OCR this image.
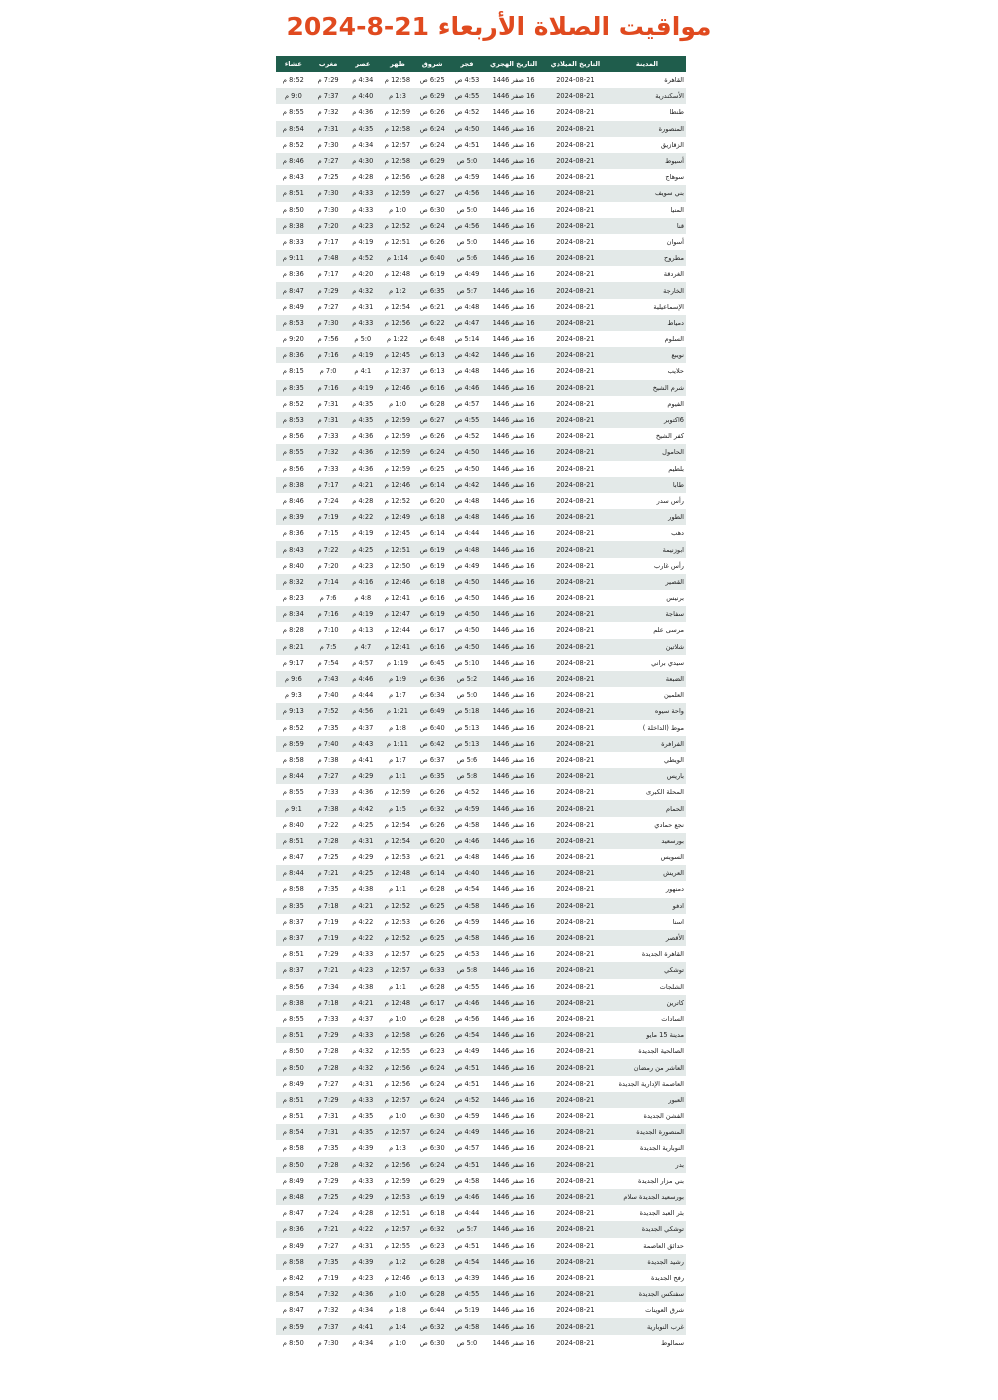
مواقيت الصلاة الأربعاء 21-8-2024
المدينة	التاريخ الميلادي	التاريخ الهجري	فجر	شروق	ظهر	عصر	مغرب	عشاء
القاهرة	2024-08-21	16 صفر 1446	4:53 ص	6:25 ص	12:58 م	4:34 م	7:29 م	8:52 م
الأسكندرية	2024-08-21	16 صفر 1446	4:55 ص	6:29 ص	1:3 م	4:40 م	7:37 م	9:0 م
طنطا	2024-08-21	16 صفر 1446	4:52 ص	6:26 ص	12:59 م	4:36 م	7:32 م	8:55 م
المنصورة	2024-08-21	16 صفر 1446	4:50 ص	6:24 ص	12:58 م	4:35 م	7:31 م	8:54 م
الزقازيق	2024-08-21	16 صفر 1446	4:51 ص	6:24 ص	12:57 م	4:34 م	7:30 م	8:52 م
أسيوط	2024-08-21	16 صفر 1446	5:0 ص	6:29 ص	12:58 م	4:30 م	7:27 م	8:46 م
سوهاج	2024-08-21	16 صفر 1446	4:59 ص	6:28 ص	12:56 م	4:28 م	7:25 م	8:43 م
بني سويف	2024-08-21	16 صفر 1446	4:56 ص	6:27 ص	12:59 م	4:33 م	7:30 م	8:51 م
المنيا	2024-08-21	16 صفر 1446	5:0 ص	6:30 ص	1:0 م	4:33 م	7:30 م	8:50 م
قنا	2024-08-21	16 صفر 1446	4:56 ص	6:24 ص	12:52 م	4:23 م	7:20 م	8:38 م
أسوان	2024-08-21	16 صفر 1446	5:0 ص	6:26 ص	12:51 م	4:19 م	7:17 م	8:33 م
مطروح	2024-08-21	16 صفر 1446	5:6 ص	6:40 ص	1:14 م	4:52 م	7:48 م	9:11 م
الغردقة	2024-08-21	16 صفر 1446	4:49 ص	6:19 ص	12:48 م	4:20 م	7:17 م	8:36 م
الخارجة	2024-08-21	16 صفر 1446	5:7 ص	6:35 ص	1:2 م	4:32 م	7:29 م	8:47 م
الإسماعيلية	2024-08-21	16 صفر 1446	4:48 ص	6:21 ص	12:54 م	4:31 م	7:27 م	8:49 م
دمياط	2024-08-21	16 صفر 1446	4:47 ص	6:22 ص	12:56 م	4:33 م	7:30 م	8:53 م
السلوم	2024-08-21	16 صفر 1446	5:14 ص	6:48 ص	1:22 م	5:0 م	7:56 م	9:20 م
نويبع	2024-08-21	16 صفر 1446	4:42 ص	6:13 ص	12:45 م	4:19 م	7:16 م	8:36 م
حلايب	2024-08-21	16 صفر 1446	4:48 ص	6:13 ص	12:37 م	4:1 م	7:0 م	8:15 م
شرم الشيخ	2024-08-21	16 صفر 1446	4:46 ص	6:16 ص	12:46 م	4:19 م	7:16 م	8:35 م
الفيوم	2024-08-21	16 صفر 1446	4:57 ص	6:28 ص	1:0 م	4:35 م	7:31 م	8:52 م
6اكتوبر	2024-08-21	16 صفر 1446	4:55 ص	6:27 ص	12:59 م	4:35 م	7:31 م	8:53 م
كفر الشيخ	2024-08-21	16 صفر 1446	4:52 ص	6:26 ص	12:59 م	4:36 م	7:33 م	8:56 م
الحامول	2024-08-21	16 صفر 1446	4:50 ص	6:24 ص	12:59 م	4:36 م	7:32 م	8:55 م
بلطيم	2024-08-21	16 صفر 1446	4:50 ص	6:25 ص	12:59 م	4:36 م	7:33 م	8:56 م
طابا	2024-08-21	16 صفر 1446	4:42 ص	6:14 ص	12:46 م	4:21 م	7:17 م	8:38 م
رأس سدر	2024-08-21	16 صفر 1446	4:48 ص	6:20 ص	12:52 م	4:28 م	7:24 م	8:46 م
الطور	2024-08-21	16 صفر 1446	4:48 ص	6:18 ص	12:49 م	4:22 م	7:19 م	8:39 م
دهب	2024-08-21	16 صفر 1446	4:44 ص	6:14 ص	12:45 م	4:19 م	7:15 م	8:36 م
ابوزنيمة	2024-08-21	16 صفر 1446	4:48 ص	6:19 ص	12:51 م	4:25 م	7:22 م	8:43 م
رأس غارب	2024-08-21	16 صفر 1446	4:49 ص	6:19 ص	12:50 م	4:23 م	7:20 م	8:40 م
القصير	2024-08-21	16 صفر 1446	4:50 ص	6:18 ص	12:46 م	4:16 م	7:14 م	8:32 م
برنيس	2024-08-21	16 صفر 1446	4:50 ص	6:16 ص	12:41 م	4:8 م	7:6 م	8:23 م
سفاجة	2024-08-21	16 صفر 1446	4:50 ص	6:19 ص	12:47 م	4:19 م	7:16 م	8:34 م
مرسى علم	2024-08-21	16 صفر 1446	4:50 ص	6:17 ص	12:44 م	4:13 م	7:10 م	8:28 م
شلاتين	2024-08-21	16 صفر 1446	4:50 ص	6:16 ص	12:41 م	4:7 م	7:5 م	8:21 م
سيدي براني	2024-08-21	16 صفر 1446	5:10 ص	6:45 ص	1:19 م	4:57 م	7:54 م	9:17 م
الضبعة	2024-08-21	16 صفر 1446	5:2 ص	6:36 ص	1:9 م	4:46 م	7:43 م	9:6 م
العلمين	2024-08-21	16 صفر 1446	5:0 ص	6:34 ص	1:7 م	4:44 م	7:40 م	9:3 م
واحة سيوه	2024-08-21	16 صفر 1446	5:18 ص	6:49 ص	1:21 م	4:56 م	7:52 م	9:13 م
موط (الداخلة )	2024-08-21	16 صفر 1446	5:13 ص	6:40 ص	1:8 م	4:37 م	7:35 م	8:52 م
الفرافرة	2024-08-21	16 صفر 1446	5:13 ص	6:42 ص	1:11 م	4:43 م	7:40 م	8:59 م
الويطي	2024-08-21	16 صفر 1446	5:6 ص	6:37 ص	1:7 م	4:41 م	7:38 م	8:58 م
باريس	2024-08-21	16 صفر 1446	5:8 ص	6:35 ص	1:1 م	4:29 م	7:27 م	8:44 م
المحلة الكبرى	2024-08-21	16 صفر 1446	4:52 ص	6:26 ص	12:59 م	4:36 م	7:33 م	8:55 م
الحمام	2024-08-21	16 صفر 1446	4:59 ص	6:32 ص	1:5 م	4:42 م	7:38 م	9:1 م
نجع حمادي	2024-08-21	16 صفر 1446	4:58 ص	6:26 ص	12:54 م	4:25 م	7:22 م	8:40 م
بورسعيد	2024-08-21	16 صفر 1446	4:46 ص	6:20 ص	12:54 م	4:31 م	7:28 م	8:51 م
السويس	2024-08-21	16 صفر 1446	4:48 ص	6:21 ص	12:53 م	4:29 م	7:25 م	8:47 م
العريش	2024-08-21	16 صفر 1446	4:40 ص	6:14 ص	12:48 م	4:25 م	7:21 م	8:44 م
دمنهور	2024-08-21	16 صفر 1446	4:54 ص	6:28 ص	1:1 م	4:38 م	7:35 م	8:58 م
ادفو	2024-08-21	16 صفر 1446	4:58 ص	6:25 ص	12:52 م	4:21 م	7:18 م	8:35 م
اسنا	2024-08-21	16 صفر 1446	4:59 ص	6:26 ص	12:53 م	4:22 م	7:19 م	8:37 م
الأقصر	2024-08-21	16 صفر 1446	4:58 ص	6:25 ص	12:52 م	4:22 م	7:19 م	8:37 م
القاهرة الجديدة	2024-08-21	16 صفر 1446	4:53 ص	6:25 ص	12:57 م	4:33 م	7:29 م	8:51 م
توشكي	2024-08-21	16 صفر 1446	5:8 ص	6:33 ص	12:57 م	4:23 م	7:21 م	8:37 م
الشلجات	2024-08-21	16 صفر 1446	4:55 ص	6:28 ص	1:1 م	4:38 م	7:34 م	8:56 م
كاترين	2024-08-21	16 صفر 1446	4:46 ص	6:17 ص	12:48 م	4:21 م	7:18 م	8:38 م
السادات	2024-08-21	16 صفر 1446	4:56 ص	6:28 ص	1:0 م	4:37 م	7:33 م	8:55 م
مدينة 15 مايو	2024-08-21	16 صفر 1446	4:54 ص	6:26 ص	12:58 م	4:33 م	7:29 م	8:51 م
الصالحية الجديدة	2024-08-21	16 صفر 1446	4:49 ص	6:23 ص	12:55 م	4:32 م	7:28 م	8:50 م
العاشر من رمضان	2024-08-21	16 صفر 1446	4:51 ص	6:24 ص	12:56 م	4:32 م	7:28 م	8:50 م
العاصمة الإدارية الجديدة	2024-08-21	16 صفر 1446	4:51 ص	6:24 ص	12:56 م	4:31 م	7:27 م	8:49 م
العبور	2024-08-21	16 صفر 1446	4:52 ص	6:24 ص	12:57 م	4:33 م	7:29 م	8:51 م
الفشن الجديدة	2024-08-21	16 صفر 1446	4:59 ص	6:30 ص	1:0 م	4:35 م	7:31 م	8:51 م
المنصورة الجديدة	2024-08-21	16 صفر 1446	4:49 ص	6:24 ص	12:57 م	4:35 م	7:31 م	8:54 م
النوبارية الجديدة	2024-08-21	16 صفر 1446	4:57 ص	6:30 ص	1:3 م	4:39 م	7:35 م	8:58 م
بدر	2024-08-21	16 صفر 1446	4:51 ص	6:24 ص	12:56 م	4:32 م	7:28 م	8:50 م
بني مزار الجديدة	2024-08-21	16 صفر 1446	4:58 ص	6:29 ص	12:59 م	4:33 م	7:29 م	8:49 م
بورسعيد الجديدة سلام	2024-08-21	16 صفر 1446	4:46 ص	6:19 ص	12:53 م	4:29 م	7:25 م	8:48 م
بئر العبد الجديدة	2024-08-21	16 صفر 1446	4:44 ص	6:18 ص	12:51 م	4:28 م	7:24 م	8:47 م
توشكي الجديدة	2024-08-21	16 صفر 1446	5:7 ص	6:32 ص	12:57 م	4:22 م	7:21 م	8:36 م
حدائق العاصمة	2024-08-21	16 صفر 1446	4:51 ص	6:23 ص	12:55 م	4:31 م	7:27 م	8:49 م
رشيد الجديدة	2024-08-21	16 صفر 1446	4:54 ص	6:28 ص	1:2 م	4:39 م	7:35 م	8:58 م
رفح الجديدة	2024-08-21	16 صفر 1446	4:39 ص	6:13 ص	12:46 م	4:23 م	7:19 م	8:42 م
سفنكس الجديدة	2024-08-21	16 صفر 1446	4:55 ص	6:28 ص	1:0 م	4:36 م	7:32 م	8:54 م
شرق العوينات	2024-08-21	16 صفر 1446	5:19 ص	6:44 ص	1:8 م	4:34 م	7:32 م	8:47 م
غرب النوبارية	2024-08-21	16 صفر 1446	4:58 ص	6:32 ص	1:4 م	4:41 م	7:37 م	8:59 م
سمالوط	2024-08-21	16 صفر 1446	5:0 ص	6:30 ص	1:0 م	4:34 م	7:30 م	8:50 م
